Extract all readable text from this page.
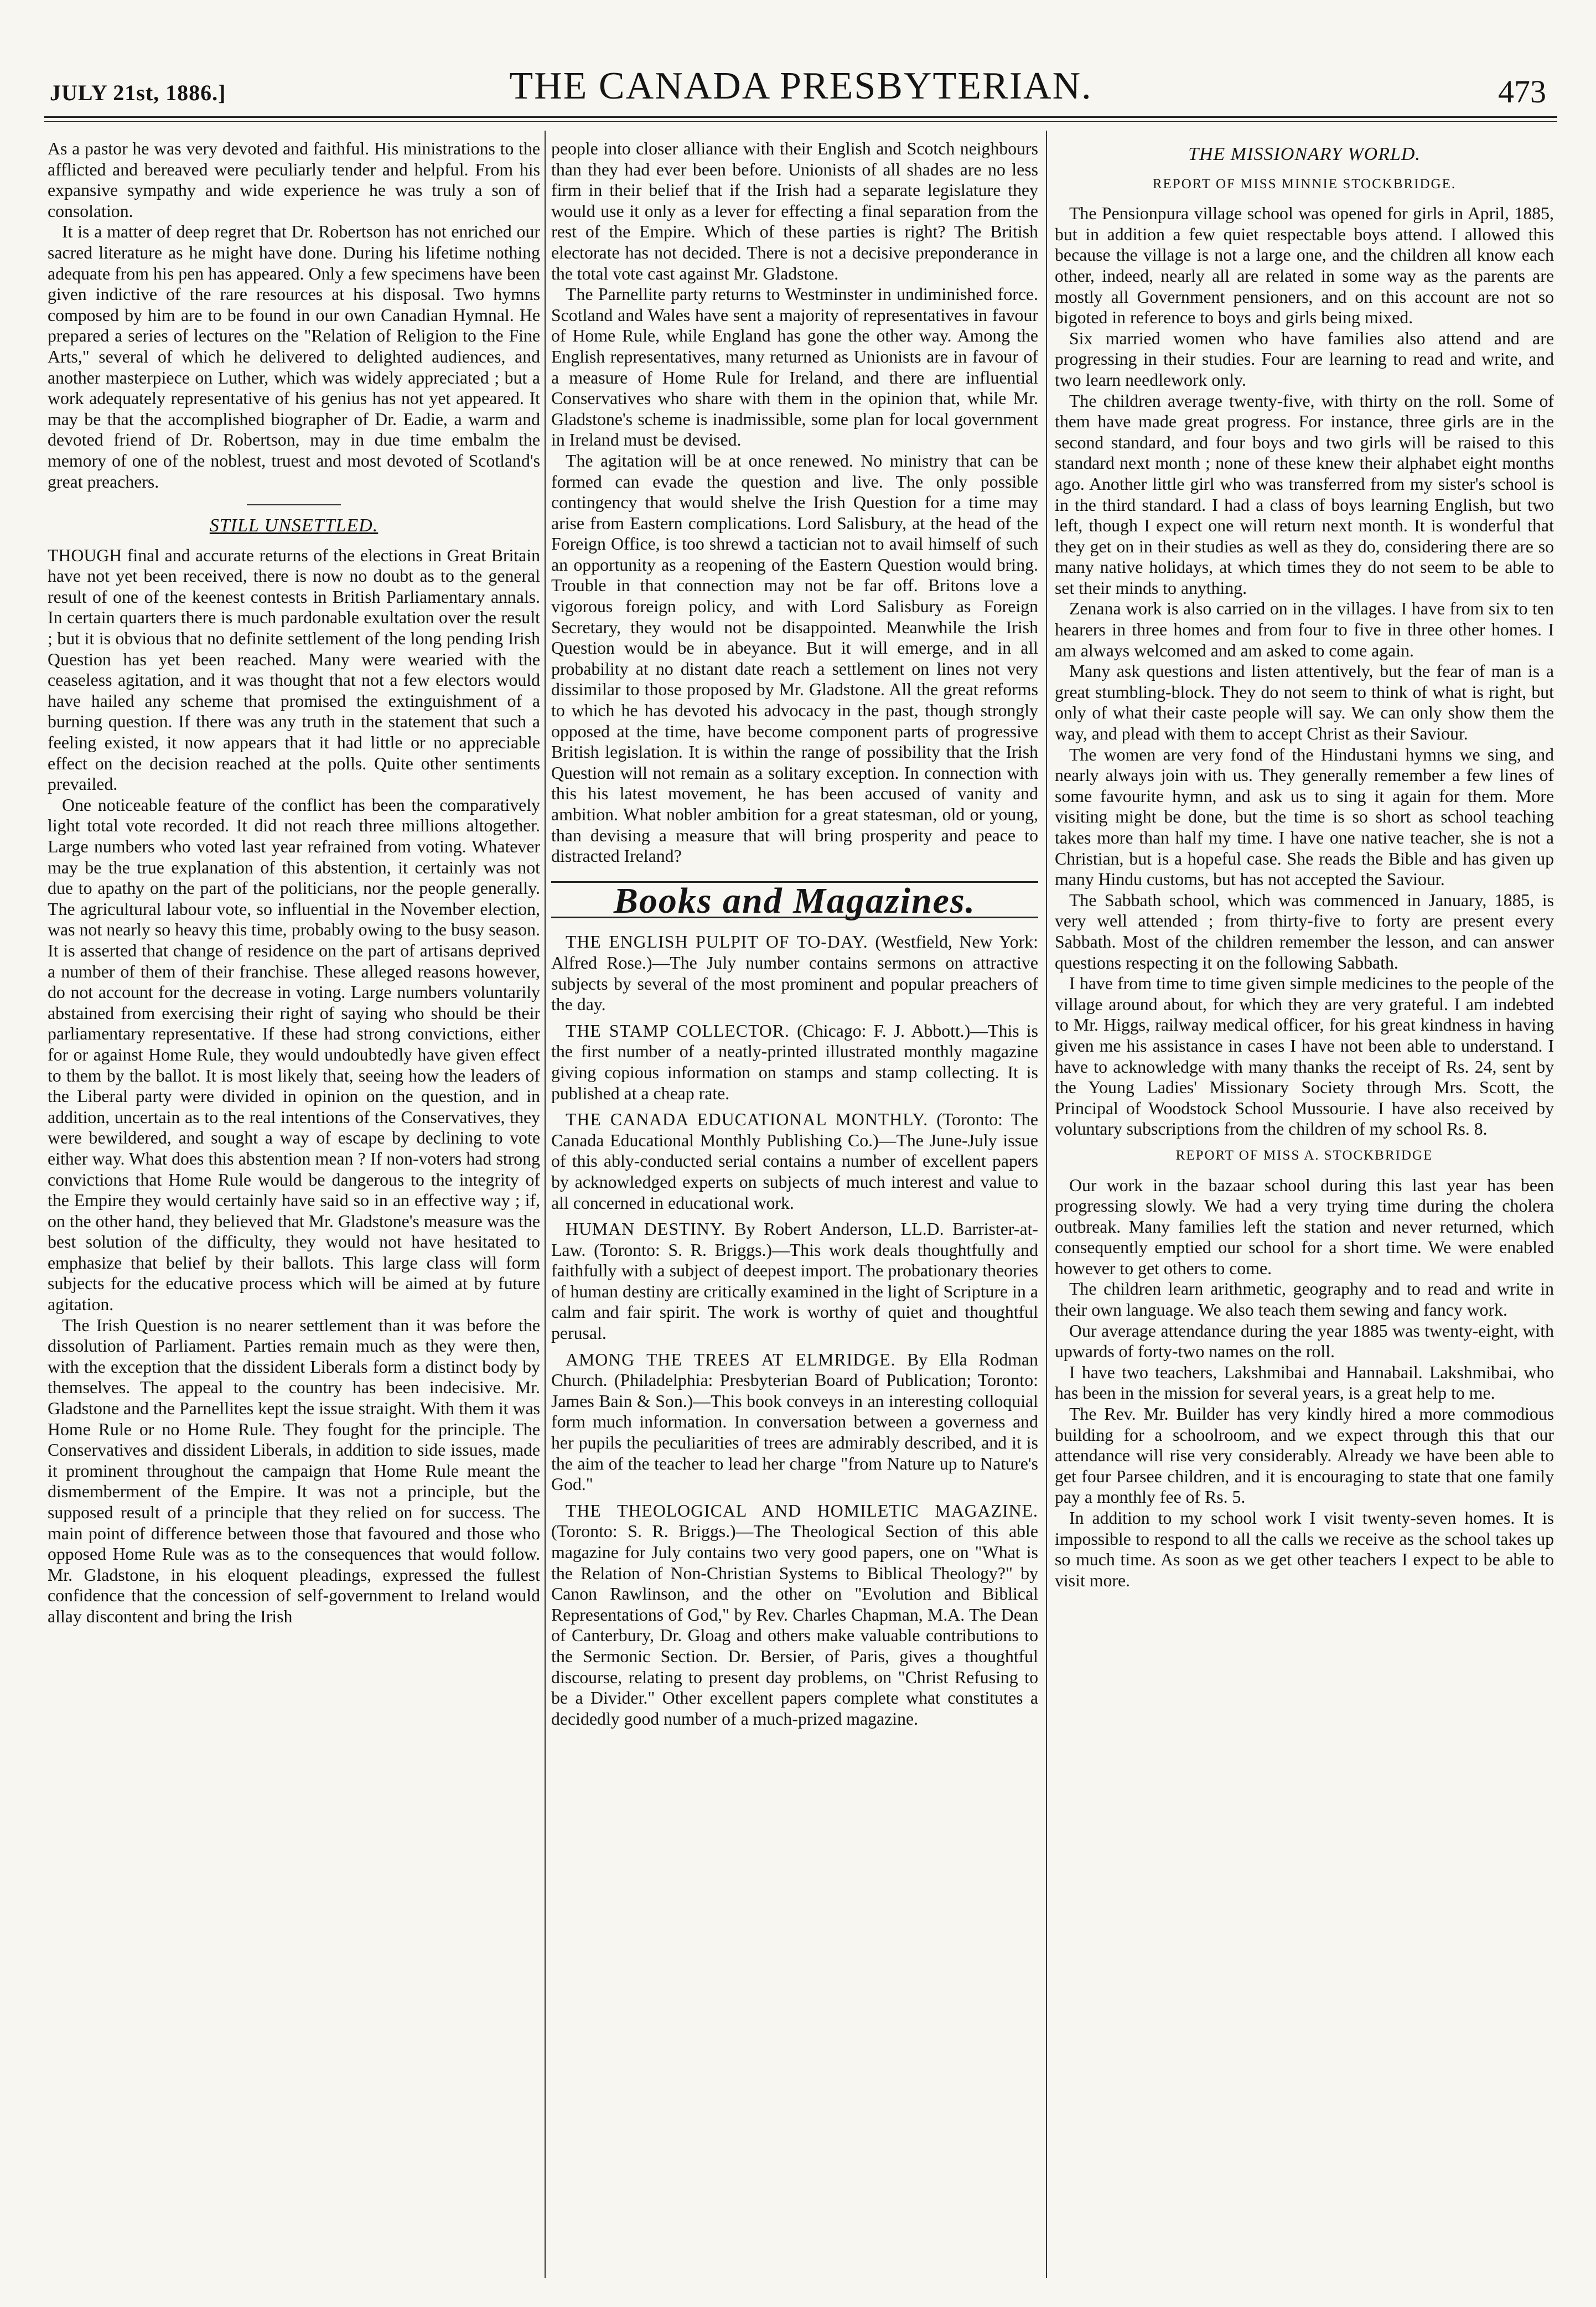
JULY 21st, 1886.]	THE CANADA PRESBYTERIAN.	473

As a pastor he was very devoted and faithful. His ministrations to the afflicted and bereaved were peculiarly tender and helpful. From his expansive sympathy and wide experience he was truly a son of consolation.

It is a matter of deep regret that Dr. Robertson has not enriched our sacred literature as he might have done. During his lifetime nothing adequate from his pen has appeared. Only a few specimens have been given indictive of the rare resources at his disposal. Two hymns composed by him are to be found in our own Canadian Hymnal. He prepared a series of lectures on the "Relation of Religion to the Fine Arts," several of which he delivered to delighted audiences, and another masterpiece on Luther, which was widely appreciated ; but a work adequately representative of his genius has not yet appeared. It may be that the accomplished biographer of Dr. Eadie, a warm and devoted friend of Dr. Robertson, may in due time embalm the memory of one of the noblest, truest and most devoted of Scotland's great preachers.

STILL UNSETTLED.

THOUGH final and accurate returns of the elections in Great Britain have not yet been received, there is now no doubt as to the general result of one of the keenest contests in British Parliamentary annals. In certain quarters there is much pardonable exultation over the result ; but it is obvious that no definite settlement of the long pending Irish Question has yet been reached. Many were wearied with the ceaseless agitation, and it was thought that not a few electors would have hailed any scheme that promised the extinguishment of a burning question. If there was any truth in the statement that such a feeling existed, it now appears that it had little or no appreciable effect on the decision reached at the polls. Quite other sentiments prevailed.

One noticeable feature of the conflict has been the comparatively light total vote recorded. It did not reach three millions altogether. Large numbers who voted last year refrained from voting. Whatever may be the true explanation of this abstention, it certainly was not due to apathy on the part of the politicians, nor the people generally. The agricultural labour vote, so influential in the November election, was not nearly so heavy this time, probably owing to the busy season. It is asserted that change of residence on the part of artisans deprived a number of them of their franchise. These alleged reasons however, do not account for the decrease in voting. Large numbers voluntarily abstained from exercising their right of saying who should be their parliamentary representative. If these had strong convictions, either for or against Home Rule, they would undoubtedly have given effect to them by the ballot. It is most likely that, seeing how the leaders of the Liberal party were divided in opinion on the question, and in addition, uncertain as to the real intentions of the Conservatives, they were bewildered, and sought a way of escape by declining to vote either way. What does this abstention mean ? If non-voters had strong convictions that Home Rule would be dangerous to the integrity of the Empire they would certainly have said so in an effective way ; if, on the other hand, they believed that Mr. Gladstone's measure was the best solution of the difficulty, they would not have hesitated to emphasize that belief by their ballots. This large class will form subjects for the educative process which will be aimed at by future agitation.

The Irish Question is no nearer settlement than it was before the dissolution of Parliament. Parties remain much as they were then, with the exception that the dissident Liberals form a distinct body by themselves. The appeal to the country has been indecisive. Mr. Gladstone and the Parnellites kept the issue straight. With them it was Home Rule or no Home Rule. They fought for the principle. The Conservatives and dissident Liberals, in addition to side issues, made it prominent throughout the campaign that Home Rule meant the dismemberment of the Empire. It was not a principle, but the supposed result of a principle that they relied on for success. The main point of difference between those that favoured and those who opposed Home Rule was as to the consequences that would follow. Mr. Gladstone, in his eloquent pleadings, expressed the fullest confidence that the concession of self-government to Ireland would allay discontent and bring the Irish

people into closer alliance with their English and Scotch neighbours than they had ever been before. Unionists of all shades are no less firm in their belief that if the Irish had a separate legislature they would use it only as a lever for effecting a final separation from the rest of the Empire. Which of these parties is right? The British electorate has not decided. There is not a decisive preponderance in the total vote cast against Mr. Gladstone.

The Parnellite party returns to Westminster in undiminished force. Scotland and Wales have sent a majority of representatives in favour of Home Rule, while England has gone the other way. Among the English representatives, many returned as Unionists are in favour of a measure of Home Rule for Ireland, and there are influential Conservatives who share with them in the opinion that, while Mr. Gladstone's scheme is inadmissible, some plan for local government in Ireland must be devised.

The agitation will be at once renewed. No ministry that can be formed can evade the question and live. The only possible contingency that would shelve the Irish Question for a time may arise from Eastern complications. Lord Salisbury, at the head of the Foreign Office, is too shrewd a tactician not to avail himself of such an opportunity as a reopening of the Eastern Question would bring. Trouble in that connection may not be far off. Britons love a vigorous foreign policy, and with Lord Salisbury as Foreign Secretary, they would not be disappointed. Meanwhile the Irish Question would be in abeyance. But it will emerge, and in all probability at no distant date reach a settlement on lines not very dissimilar to those proposed by Mr. Gladstone. All the great reforms to which he has devoted his advocacy in the past, though strongly opposed at the time, have become component parts of progressive British legislation. It is within the range of possibility that the Irish Question will not remain as a solitary exception. In connection with this his latest movement, he has been accused of vanity and ambition. What nobler ambition for a great statesman, old or young, than devising a measure that will bring prosperity and peace to distracted Ireland?

Books and Magazines.

THE ENGLISH PULPIT OF TO-DAY. (Westfield, New York: Alfred Rose.)—The July number contains sermons on attractive subjects by several of the most prominent and popular preachers of the day.

THE STAMP COLLECTOR. (Chicago: F. J. Abbott.)—This is the first number of a neatly-printed illustrated monthly magazine giving copious information on stamps and stamp collecting. It is published at a cheap rate.

THE CANADA EDUCATIONAL MONTHLY. (Toronto: The Canada Educational Monthly Publishing Co.)—The June-July issue of this ably-conducted serial contains a number of excellent papers by acknowledged experts on subjects of much interest and value to all concerned in educational work.

HUMAN DESTINY. By Robert Anderson, LL.D. Barrister-at-Law. (Toronto: S. R. Briggs.)—This work deals thoughtfully and faithfully with a subject of deepest import. The probationary theories of human destiny are critically examined in the light of Scripture in a calm and fair spirit. The work is worthy of quiet and thoughtful perusal.

AMONG THE TREES AT ELMRIDGE. By Ella Rodman Church. (Philadelphia: Presbyterian Board of Publication; Toronto: James Bain & Son.)—This book conveys in an interesting colloquial form much information. In conversation between a governess and her pupils the peculiarities of trees are admirably described, and it is the aim of the teacher to lead her charge "from Nature up to Nature's God."

THE THEOLOGICAL AND HOMILETIC MAGAZINE. (Toronto: S. R. Briggs.)—The Theological Section of this able magazine for July contains two very good papers, one on "What is the Relation of Non-Christian Systems to Biblical Theology?" by Canon Rawlinson, and the other on "Evolution and Biblical Representations of God," by Rev. Charles Chapman, M.A. The Dean of Canterbury, Dr. Gloag and others make valuable contributions to the Sermonic Section. Dr. Bersier, of Paris, gives a thoughtful discourse, relating to present day problems, on "Christ Refusing to be a Divider." Other excellent papers complete what constitutes a decidedly good number of a much-prized magazine.

THE MISSIONARY WORLD.
REPORT OF MISS MINNIE STOCKBRIDGE.

The Pensionpura village school was opened for girls in April, 1885, but in addition a few quiet respectable boys attend. I allowed this because the village is not a large one, and the children all know each other, indeed, nearly all are related in some way as the parents are mostly all Government pensioners, and on this account are not so bigoted in reference to boys and girls being mixed.

Six married women who have families also attend and are progressing in their studies. Four are learning to read and write, and two learn needlework only.

The children average twenty-five, with thirty on the roll. Some of them have made great progress. For instance, three girls are in the second standard, and four boys and two girls will be raised to this standard next month ; none of these knew their alphabet eight months ago. Another little girl who was transferred from my sister's school is in the third standard. I had a class of boys learning English, but two left, though I expect one will return next month. It is wonderful that they get on in their studies as well as they do, considering there are so many native holidays, at which times they do not seem to be able to set their minds to anything.

Zenana work is also carried on in the villages. I have from six to ten hearers in three homes and from four to five in three other homes. I am always welcomed and am asked to come again.

Many ask questions and listen attentively, but the fear of man is a great stumbling-block. They do not seem to think of what is right, but only of what their caste people will say. We can only show them the way, and plead with them to accept Christ as their Saviour.

The women are very fond of the Hindustani hymns we sing, and nearly always join with us. They generally remember a few lines of some favourite hymn, and ask us to sing it again for them. More visiting might be done, but the time is so short as school teaching takes more than half my time. I have one native teacher, she is not a Christian, but is a hopeful case. She reads the Bible and has given up many Hindu customs, but has not accepted the Saviour.

The Sabbath school, which was commenced in January, 1885, is very well attended ; from thirty-five to forty are present every Sabbath. Most of the children remember the lesson, and can answer questions respecting it on the following Sabbath.

I have from time to time given simple medicines to the people of the village around about, for which they are very grateful. I am indebted to Mr. Higgs, railway medical officer, for his great kindness in having given me his assistance in cases I have not been able to understand. I have to acknowledge with many thanks the receipt of Rs. 24, sent by the Young Ladies' Missionary Society through Mrs. Scott, the Principal of Woodstock School Mussourie. I have also received by voluntary subscriptions from the children of my school Rs. 8.

REPORT OF MISS A. STOCKBRIDGE

Our work in the bazaar school during this last year has been progressing slowly. We had a very trying time during the cholera outbreak. Many families left the station and never returned, which consequently emptied our school for a short time. We were enabled however to get others to come.

The children learn arithmetic, geography and to read and write in their own language. We also teach them sewing and fancy work.

Our average attendance during the year 1885 was twenty-eight, with upwards of forty-two names on the roll.

I have two teachers, Lakshmibai and Hannabail. Lakshmibai, who has been in the mission for several years, is a great help to me.

The Rev. Mr. Builder has very kindly hired a more commodious building for a schoolroom, and we expect through this that our attendance will rise very considerably. Already we have been able to get four Parsee children, and it is encouraging to state that one family pay a monthly fee of Rs. 5.

In addition to my school work I visit twenty-seven homes. It is impossible to respond to all the calls we receive as the school takes up so much time. As soon as we get other teachers I expect to be able to visit more.
